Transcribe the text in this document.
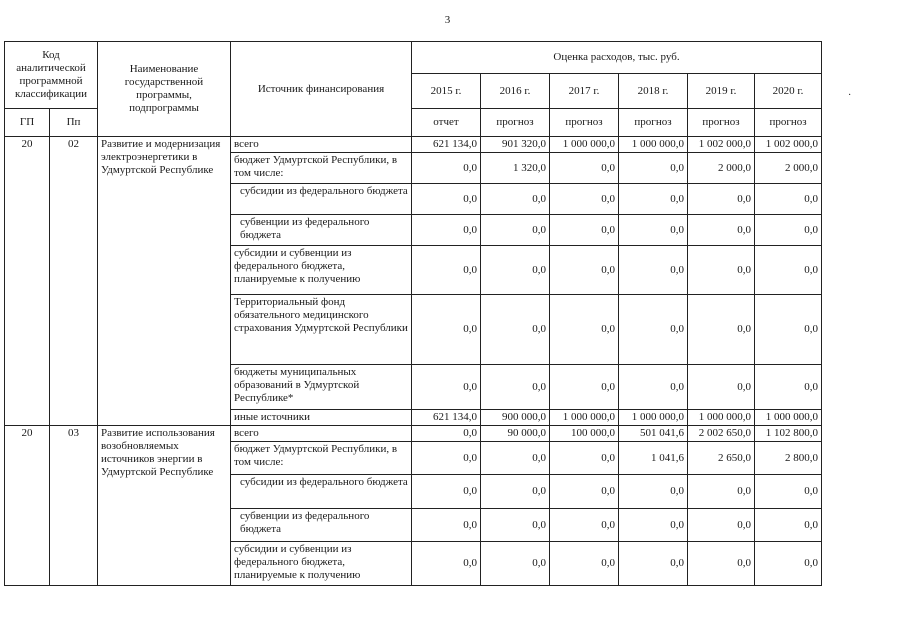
3
·
Код аналитической программной классификации		Наименование государственной программы, подпрограммы	Источник финансирования	Оценка расходов, тыс. руб.					
				2015 г.	2016 г.	2017 г.	2018 г.	2019 г.	2020 г.
ГП	Пп			отчет	прогноз	прогноз	прогноз	прогноз	прогноз
20	02	Развитие и модернизация электроэнергетики в Удмуртской Республике	всего	621 134,0	901 320,0	1 000 000,0	1 000 000,0	1 002 000,0	1 002 000,0
			бюджет Удмуртской Республики, в том числе:	0,0	1 320,0	0,0	0,0	2 000,0	2 000,0
			субсидии из федерального бюджета	0,0	0,0	0,0	0,0	0,0	0,0
			субвенции из федерального бюджета	0,0	0,0	0,0	0,0	0,0	0,0
			субсидии и субвенции из федерального бюджета, планируемые к получению	0,0	0,0	0,0	0,0	0,0	0,0
			Территориальный фонд обязательного медицинского страхования Удмуртской Республики	0,0	0,0	0,0	0,0	0,0	0,0
			бюджеты муниципальных образований в Удмуртской Республике*	0,0	0,0	0,0	0,0	0,0	0,0
			иные источники	621 134,0	900 000,0	1 000 000,0	1 000 000,0	1 000 000,0	1 000 000,0
20	03	Развитие использования возобновляемых источников энергии в Удмуртской Республике	всего	0,0	90 000,0	100 000,0	501 041,6	2 002 650,0	1 102 800,0
			бюджет Удмуртской Республики, в том числе:	0,0	0,0	0,0	1 041,6	2 650,0	2 800,0
			субсидии из федерального бюджета	0,0	0,0	0,0	0,0	0,0	0,0
			субвенции из федерального бюджета	0,0	0,0	0,0	0,0	0,0	0,0
			субсидии и субвенции из федерального бюджета, планируемые к получению	0,0	0,0	0,0	0,0	0,0	0,0
